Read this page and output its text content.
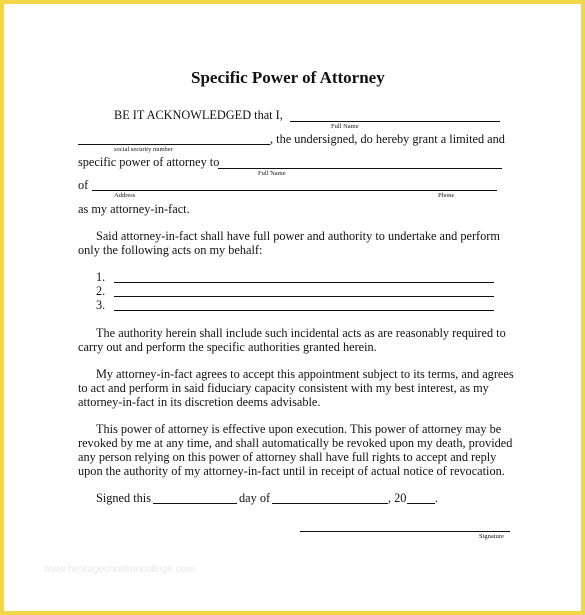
Specific Power of Attorney
BE IT ACKNOWLEDGED that I,
Full Name
, the undersigned, do hereby grant a limited and
social security number
specific power of attorney to
Full Name
of
Address	Phone
as my attorney-in-fact.
Said attorney-in-fact shall have full power and authority to undertake and perform
only the following acts on my behalf:
1.
2.
3.
The authority herein shall include such incidental acts as are reasonably required to
carry out and perform the specific authorities granted herein.
My attorney-in-fact agrees to accept this appointment subject to its terms, and agrees
to act and perform in said fiduciary capacity consistent with my best interest, as my
attorney-in-fact in its discretion deems advisable.
This power of attorney is effective upon execution. This power of attorney may be
revoked by me at any time, and shall automatically be revoked upon my death, provided
any person relying on this power of attorney shall have full rights to accept and reply
upon the authority of my attorney-in-fact until in receipt of actual notice of revocation.
Signed this	day of	, 20 .
Signature
www.heritagechristiancollege.com
